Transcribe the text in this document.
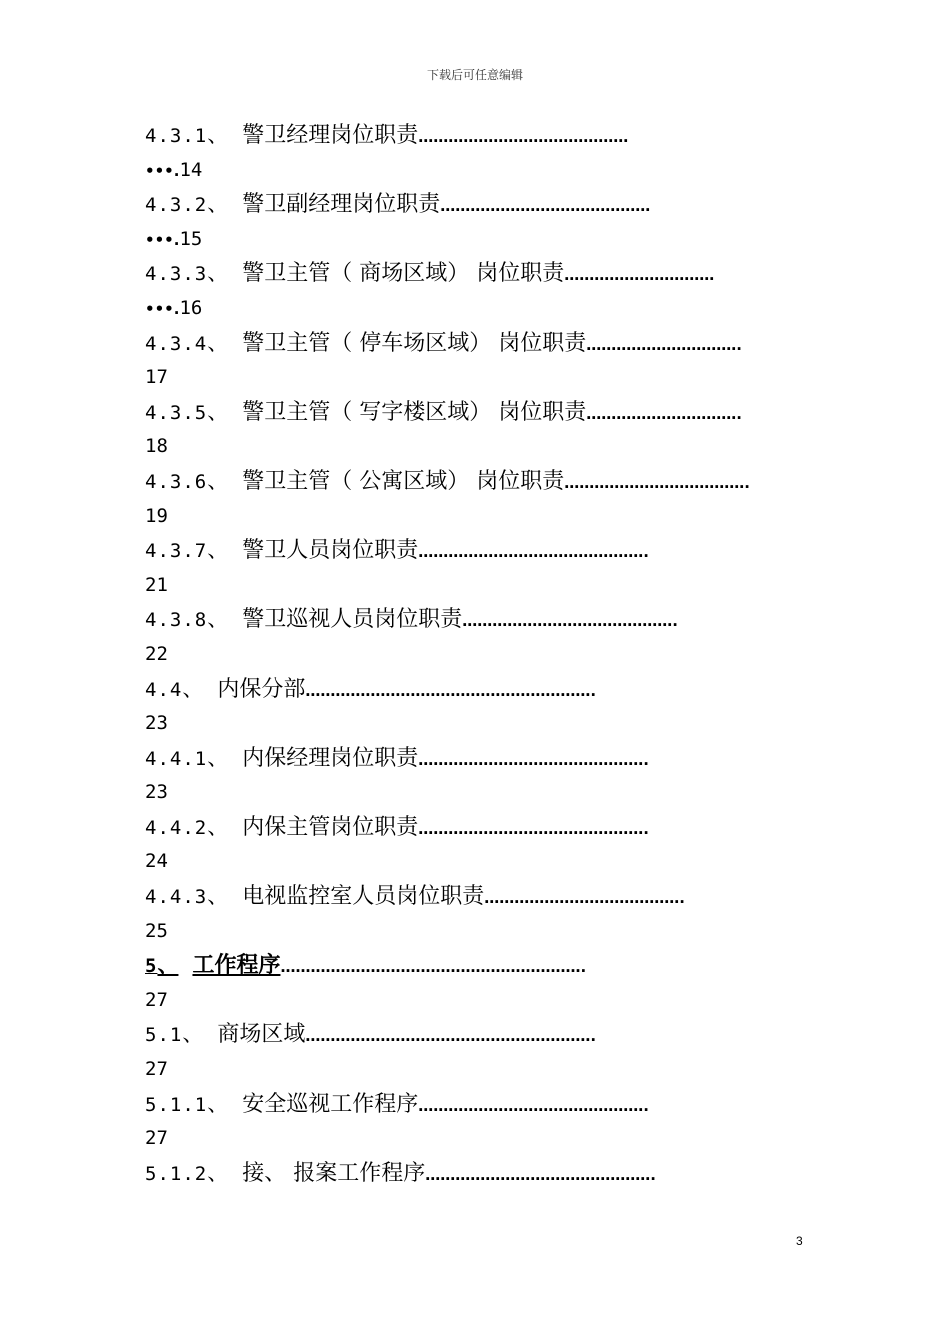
下载后可任意编辑
4.3.1、 警卫经理岗位职责……………………………………
•••.14
4.3.2、 警卫副经理岗位职责……………………………………
•••.15
4.3.3、 警卫主管（ 商场区域） 岗位职责…………………………
•••.16
4.3.4、 警卫主管（ 停车场区域） 岗位职责………………………….
17
4.3.5、 警卫主管（ 写字楼区域） 岗位职责………………………….
18
4.3.6、 警卫主管（ 公寓区域） 岗位职责……………………………….
19
4.3.7、 警卫人员岗位职责……………………………………….
21
4.3.8、 警卫巡视人员岗位职责…………………………………….
22
4.4、 内保分部………………………………………………….
23
4.4.1、 内保经理岗位职责……………………………………….
23
4.4.2、 内保主管岗位职责……………………………………….
24
4.4.3、 电视监控室人员岗位职责………………………………….
25
5、 工作程序…………………………………………………….
27
5.1、 商场区域………………………………………………….
27
5.1.1、 安全巡视工作程序……………………………………….
27
5.1.2、 接、 报案工作程序……………………………………….
3
